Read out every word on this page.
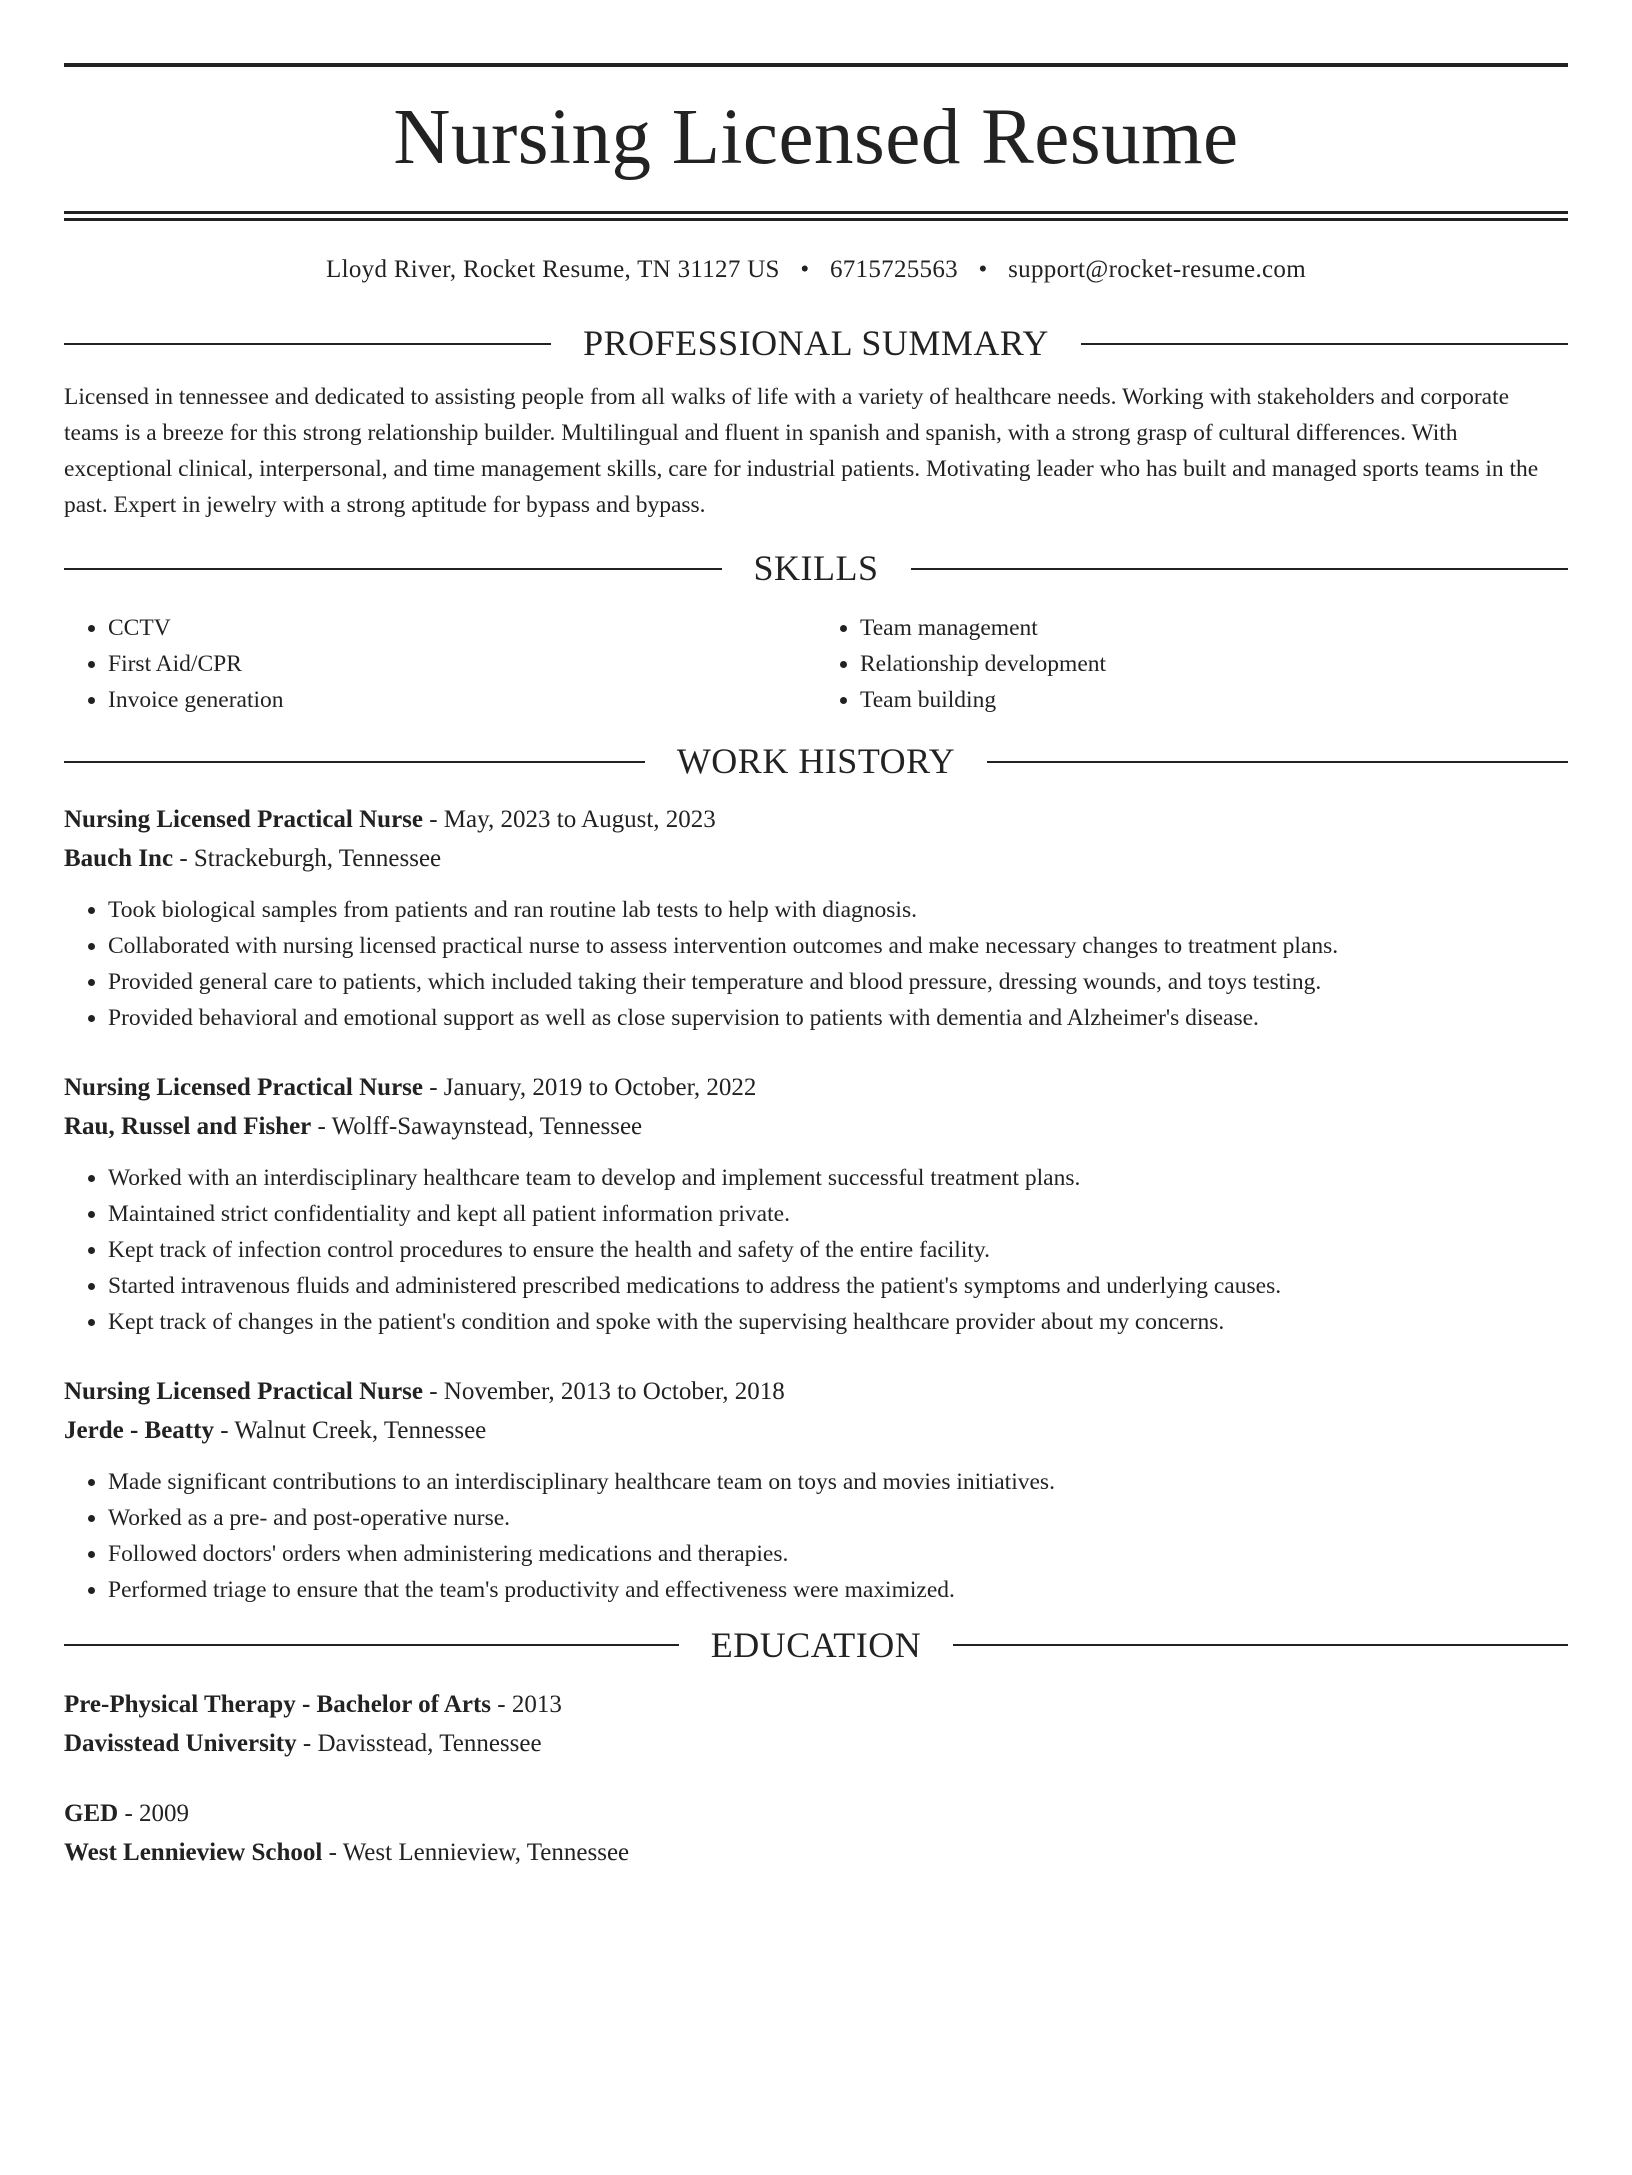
Nursing Licensed Resume
Lloyd River, Rocket Resume, TN 31127 US • 6715725563 • support@rocket-resume.com
PROFESSIONAL SUMMARY

Licensed in tennessee and dedicated to assisting people from all walks of life with a variety of healthcare needs. Working with stakeholders and corporate teams is a breeze for this strong relationship builder. Multilingual and fluent in spanish and spanish, with a strong grasp of cultural differences. With exceptional clinical, interpersonal, and time management skills, care for industrial patients. Motivating leader who has built and managed sports teams in the past. Expert in jewelry with a strong aptitude for bypass and bypass.

SKILLS
• CCTV
• First Aid/CPR
• Invoice generation
• Team management
• Relationship development
• Team building
WORK HISTORY
Nursing Licensed Practical Nurse - May, 2023 to August, 2023
Bauch Inc - Strackeburgh, Tennessee
• Took biological samples from patients and ran routine lab tests to help with diagnosis.
• Collaborated with nursing licensed practical nurse to assess intervention outcomes and make necessary changes to treatment plans.
• Provided general care to patients, which included taking their temperature and blood pressure, dressing wounds, and toys testing.
• Provided behavioral and emotional support as well as close supervision to patients with dementia and Alzheimer's disease.
Nursing Licensed Practical Nurse - January, 2019 to October, 2022
Rau, Russel and Fisher - Wolff-Sawaynstead, Tennessee
• Worked with an interdisciplinary healthcare team to develop and implement successful treatment plans.
• Maintained strict confidentiality and kept all patient information private.
• Kept track of infection control procedures to ensure the health and safety of the entire facility.
• Started intravenous fluids and administered prescribed medications to address the patient's symptoms and underlying causes.
• Kept track of changes in the patient's condition and spoke with the supervising healthcare provider about my concerns.
Nursing Licensed Practical Nurse - November, 2013 to October, 2018
Jerde - Beatty - Walnut Creek, Tennessee
• Made significant contributions to an interdisciplinary healthcare team on toys and movies initiatives.
• Worked as a pre- and post-operative nurse.
• Followed doctors' orders when administering medications and therapies.
• Performed triage to ensure that the team's productivity and effectiveness were maximized.
EDUCATION
Pre-Physical Therapy - Bachelor of Arts - 2013
Davisstead University - Davisstead, Tennessee
GED - 2009
West Lennieview School - West Lennieview, Tennessee
